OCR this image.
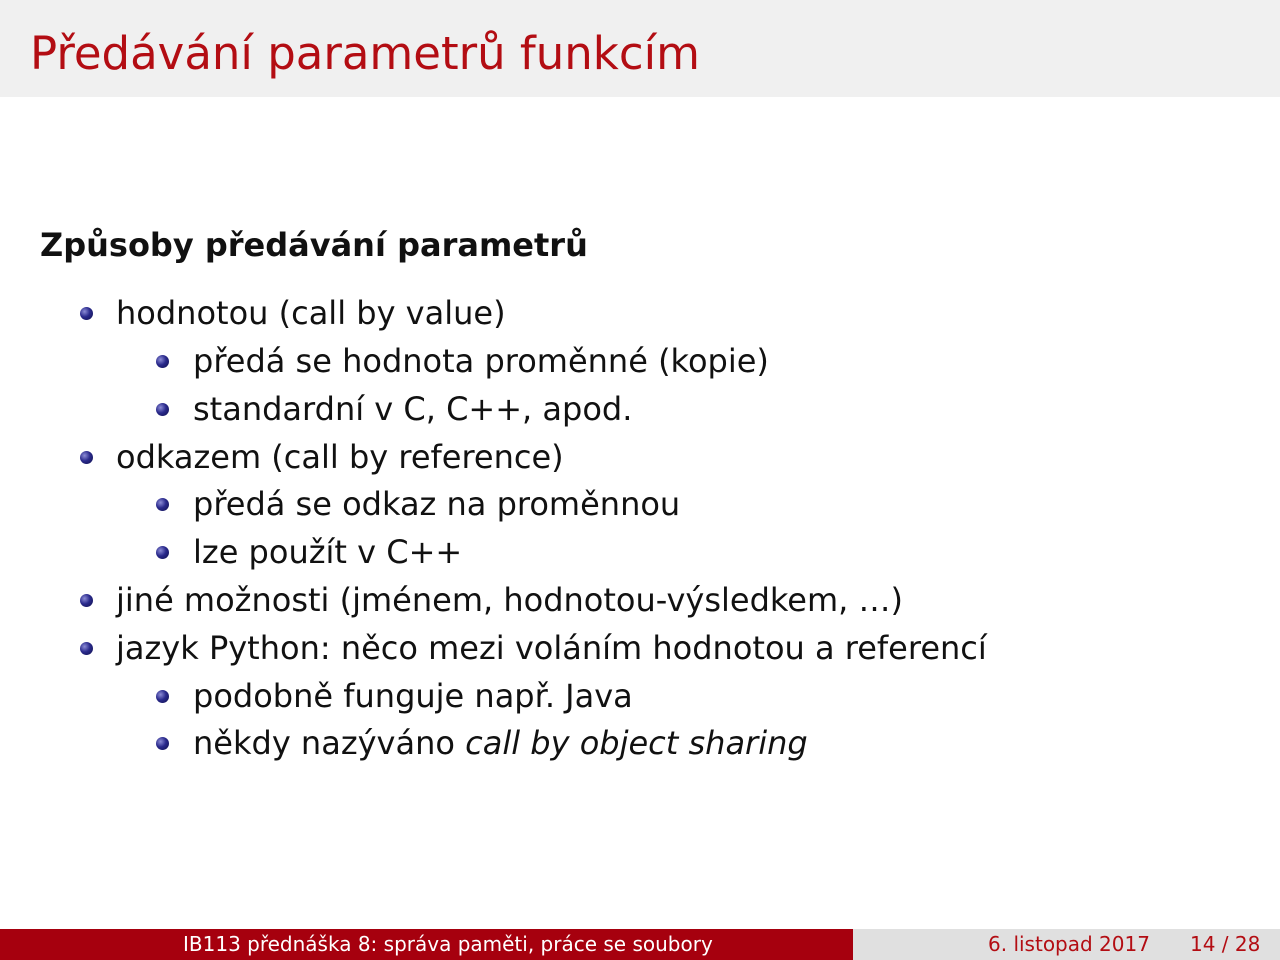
Předávání parametrů funkcím
Způsoby předávání parametrů
hodnotou (call by value)
předá se hodnota proměnné (kopie)
standardní v C, C++, apod.
odkazem (call by reference)
předá se odkaz na proměnnou
lze použít v C++
jiné možnosti (jménem, hodnotou-výsledkem, …)
jazyk Python: něco mezi voláním hodnotou a referencí
podobně funguje např. Java
někdy nazýváno call by object sharing
IB113 přednáška 8: správa paměti, práce se soubory	6. listopad 2017 14 / 28
